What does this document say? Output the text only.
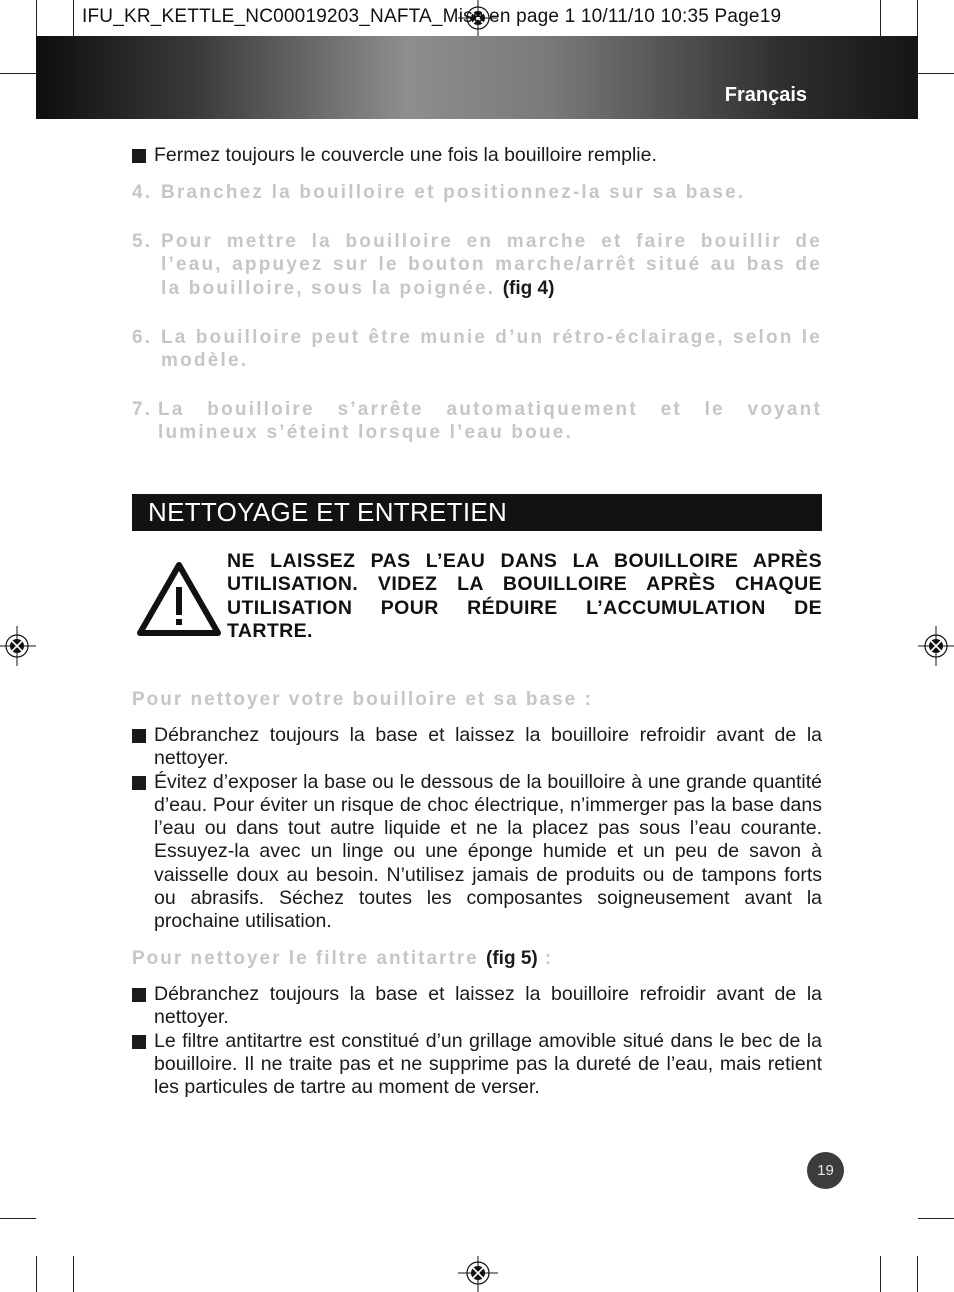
IFU_KR_KETTLE_NC00019203_NAFTA_Mise en page 1 10/11/10 10:35 Page19
Français
Fermez toujours le couvercle une fois la bouilloire remplie.
4. Branchez la bouilloire et positionnez-la sur sa base.
5. Pour mettre la bouilloire en marche et faire bouillir de l’eau, appuyez sur le bouton marche/arrêt situé au bas de la bouilloire, sous la poignée. (fig 4)
6. La bouilloire peut être munie d’un rétro-éclairage, selon le modèle.
7. La bouilloire s’arrête automatiquement et le voyant lumineux s’éteint lorsque l’eau boue.
NETTOYAGE ET ENTRETIEN
NE LAISSEZ PAS L’EAU DANS LA BOUILLOIRE APRÈS UTILISATION. VIDEZ LA BOUILLOIRE APRÈS CHAQUE UTILISATION POUR RÉDUIRE L’ACCUMULATION DE TARTRE.
Pour nettoyer votre bouilloire et sa base :
Débranchez toujours la base et laissez la bouilloire refroidir avant de la nettoyer.
Évitez d’exposer la base ou le dessous de la bouilloire à une grande quantité d’eau. Pour éviter un risque de choc électrique, n’immerger pas la base dans l’eau ou dans tout autre liquide et ne la placez pas sous l’eau courante. Essuyez-la avec un linge ou une éponge humide et un peu de savon à vaisselle doux au besoin. N’utilisez jamais de produits ou de tampons forts ou abrasifs. Séchez toutes les composantes soigneusement avant la prochaine utilisation.
Pour nettoyer le filtre antitartre (fig 5) :
Débranchez toujours la base et laissez la bouilloire refroidir avant de la nettoyer.
Le filtre antitartre est constitué d’un grillage amovible situé dans le bec de la bouilloire. Il ne traite pas et ne supprime pas la dureté de l’eau, mais retient les particules de tartre au moment de verser.
19
